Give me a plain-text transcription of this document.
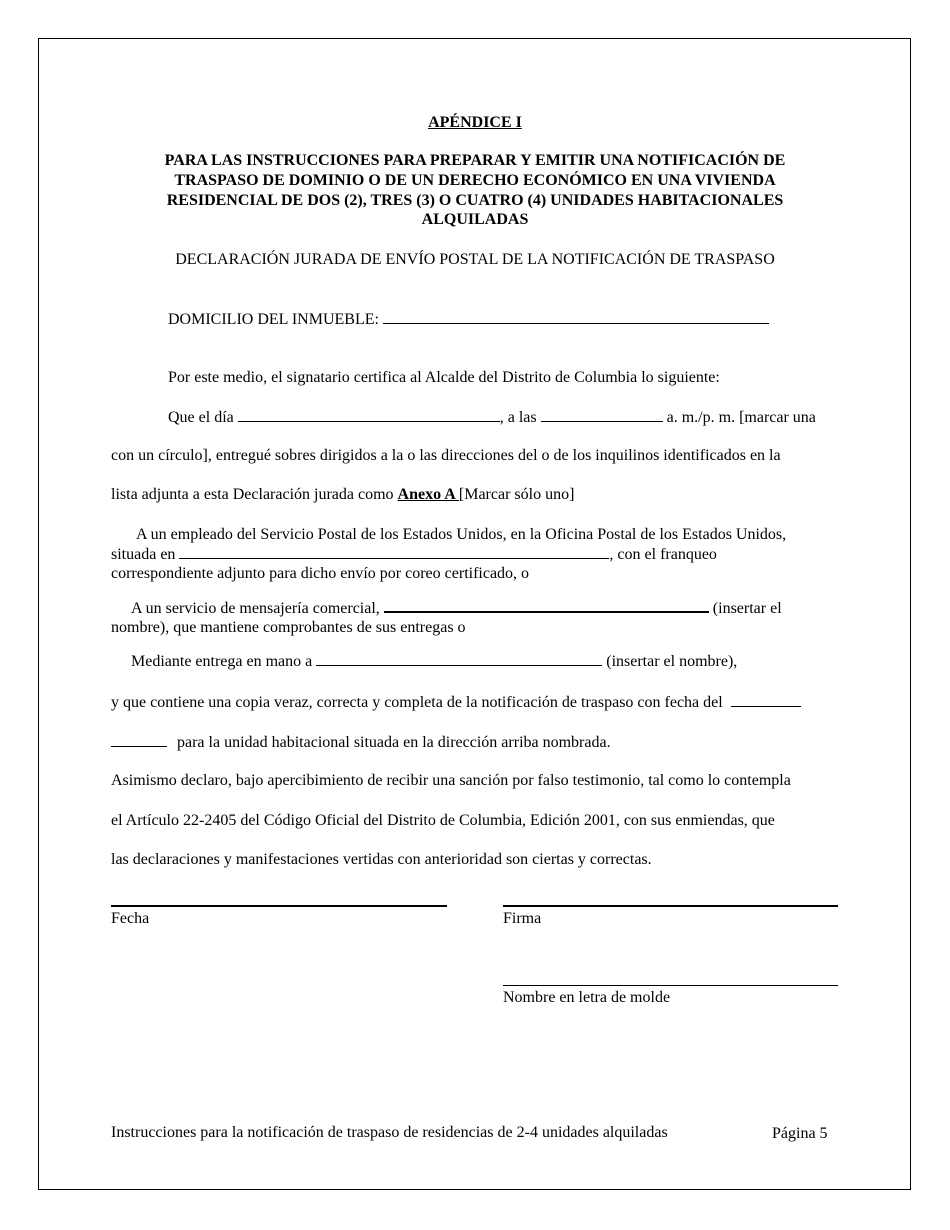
APÉNDICE I
PARA LAS INSTRUCCIONES PARA PREPARAR Y EMITIR UNA NOTIFICACIÓN DE
TRASPASO DE DOMINIO O DE UN DERECHO ECONÓMICO EN UNA VIVIENDA
RESIDENCIAL DE DOS (2), TRES (3) O CUATRO (4) UNIDADES HABITACIONALES
ALQUILADAS
DECLARACIÓN JURADA DE ENVÍO POSTAL DE LA NOTIFICACIÓN DE TRASPASO
DOMICILIO DEL INMUEBLE:
Por este medio, el signatario certifica al Alcalde del Distrito de Columbia lo siguiente:
Que el día	, a las	a. m./p. m. [marcar una
con un círculo], entregué sobres dirigidos a la o las direcciones del o de los inquilinos identificados en la
lista adjunta a esta Declaración jurada como Anexo A [Marcar sólo uno]
A un empleado del Servicio Postal de los Estados Unidos, en la Oficina Postal de los Estados Unidos,
situada en	, con el franqueo
correspondiente adjunto para dicho envío por coreo certificado, o
A un servicio de mensajería comercial,	(insertar el
nombre), que mantiene comprobantes de sus entregas o
Mediante entrega en mano a	(insertar el nombre),
y que contiene una copia veraz, correcta y completa de la notificación de traspaso con fecha del
para la unidad habitacional situada en la dirección arriba nombrada.
Asimismo declaro, bajo apercibimiento de recibir una sanción por falso testimonio, tal como lo contempla
el Artículo 22-2405 del Código Oficial del Distrito de Columbia, Edición 2001, con sus enmiendas, que
las declaraciones y manifestaciones vertidas con anterioridad son ciertas y correctas.
Fecha	Firma
Nombre en letra de molde
Instrucciones para la notificación de traspaso de residencias de 2-4 unidades alquiladas	Página 5
